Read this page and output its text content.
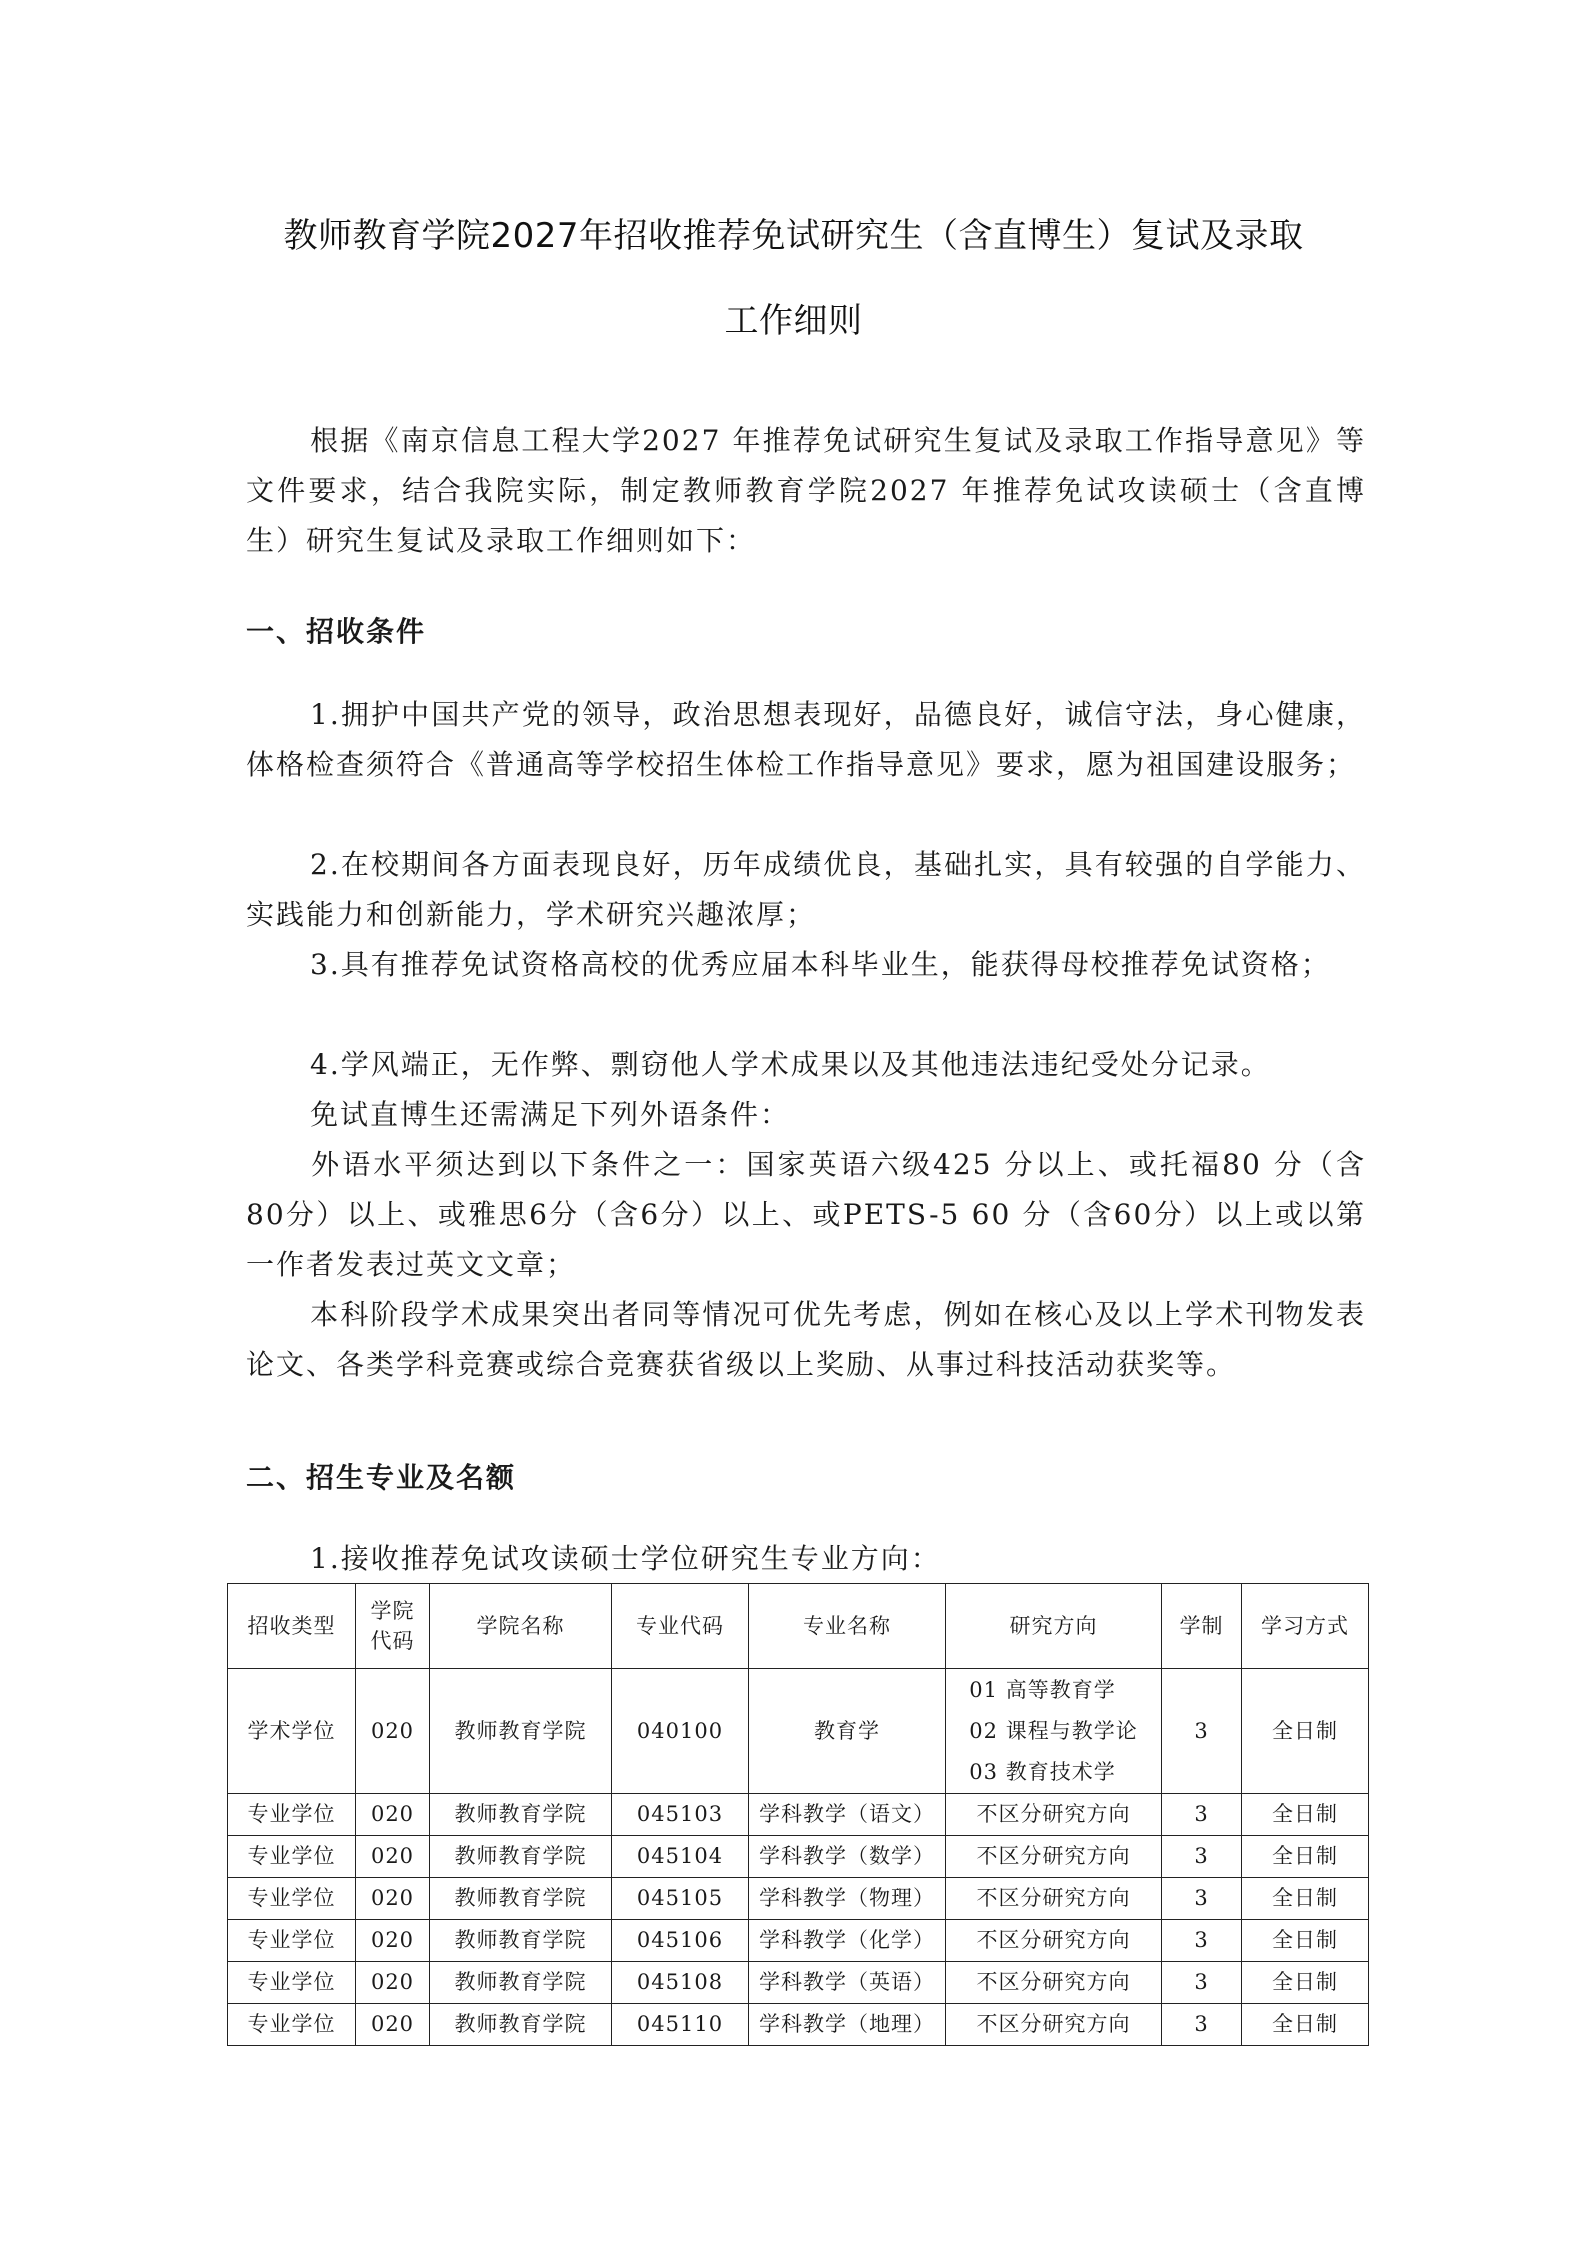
教师教育学院2027年招收推荐免试研究生（含直博生）复试及录取
工作细则

根据《南京信息工程大学2027 年推荐免试研究生复试及录取工作指导意见》等文件要求，结合我院实际，制定教师教育学院2027 年推荐免试攻读硕士（含直博生）研究生复试及录取工作细则如下：

一、招收条件

1.拥护中国共产党的领导，政治思想表现好，品德良好，诚信守法，身心健康，体格检查须符合《普通高等学校招生体检工作指导意见》要求，愿为祖国建设服务；

2.在校期间各方面表现良好，历年成绩优良，基础扎实，具有较强的自学能力、实践能力和创新能力，学术研究兴趣浓厚；

3.具有推荐免试资格高校的优秀应届本科毕业生，能获得母校推荐免试资格；

4.学风端正，无作弊、剽窃他人学术成果以及其他违法违纪受处分记录。

免试直博生还需满足下列外语条件：

外语水平须达到以下条件之一：国家英语六级425 分以上、或托福80 分（含80分）以上、或雅思6分（含6分）以上、或PETS-5 60 分（含60分）以上或以第一作者发表过英文文章；

本科阶段学术成果突出者同等情况可优先考虑，例如在核心及以上学术刊物发表论文、各类学科竞赛或综合竞赛获省级以上奖励、从事过科技活动获奖等。

二、招生专业及名额
1.接收推荐免试攻读硕士学位研究生专业方向：
招收类型	学院代码	学院名称	专业代码	专业名称	研究方向	学制	学习方式
学术学位	020	教师教育学院	040100	教育学	01 高等教育学
02 课程与教学论
03 教育技术学	3	全日制
专业学位	020	教师教育学院	045103	学科教学（语文）	不区分研究方向	3	全日制
专业学位	020	教师教育学院	045104	学科教学（数学）	不区分研究方向	3	全日制
专业学位	020	教师教育学院	045105	学科教学（物理）	不区分研究方向	3	全日制
专业学位	020	教师教育学院	045106	学科教学（化学）	不区分研究方向	3	全日制
专业学位	020	教师教育学院	045108	学科教学（英语）	不区分研究方向	3	全日制
专业学位	020	教师教育学院	045110	学科教学（地理）	不区分研究方向	3	全日制
